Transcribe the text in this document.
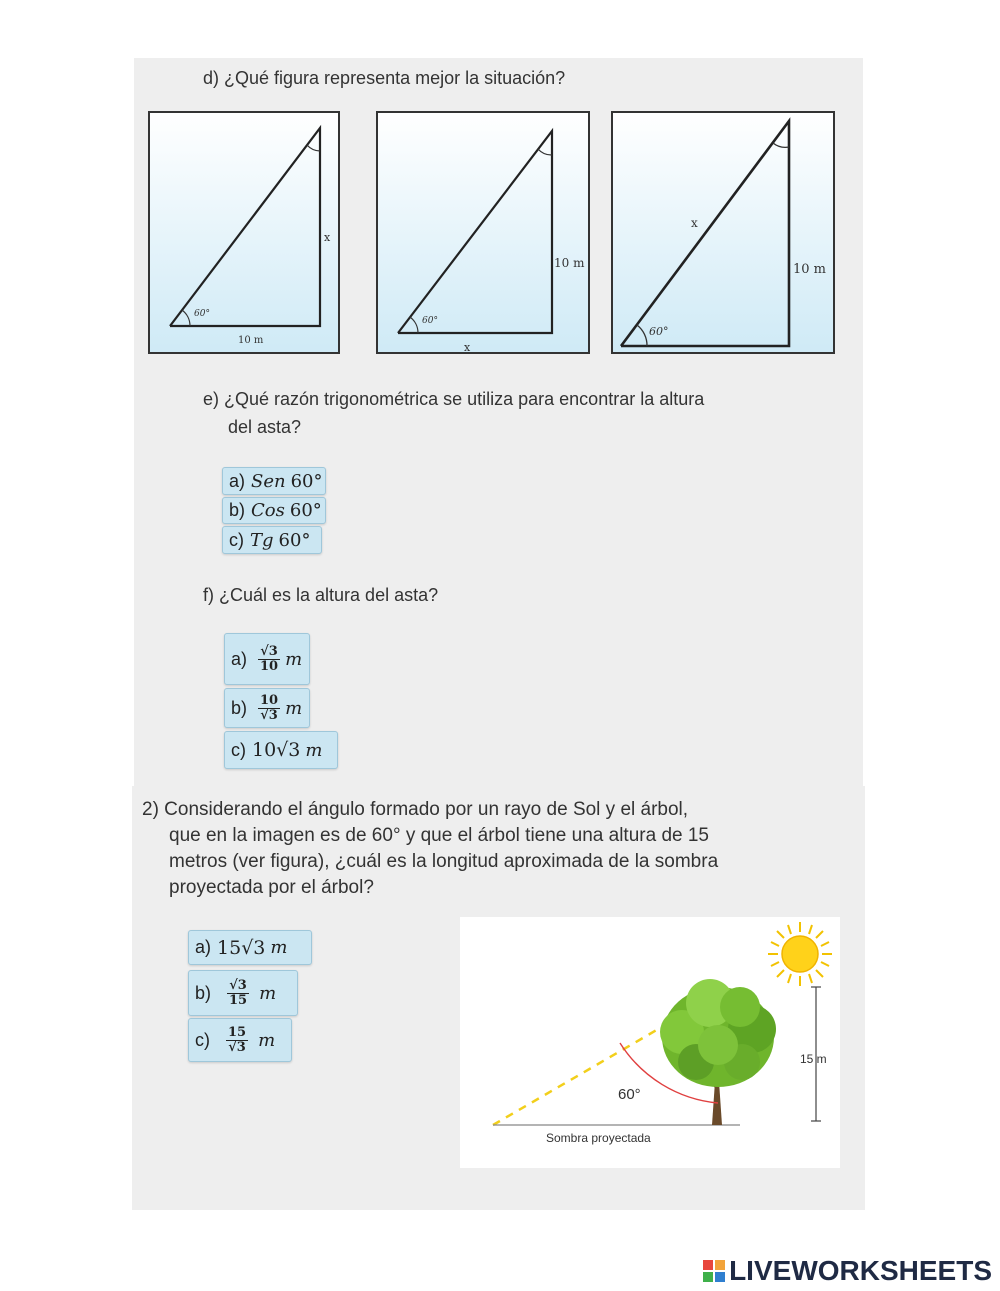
d) ¿Qué figura representa mejor la situación?
60°
x
10 m
60°
10 m
x
60°
10 m
x
e) ¿Qué razón trigonométrica se utiliza para encontrar la altura
del asta?
a) Sen
60°
b) Cos
60°
c) Tg
60°
f) ¿Cuál es la altura del asta?
$a) \frac{√3}{10}$ m
$b) \frac{10}{√3}$ m
c) 10√3
m
2) Considerando el ángulo formado por un rayo de Sol y el árbol,
que en la imagen es de 60° y que el árbol tiene una altura de 15
metros (ver figura), ¿cuál es la longitud aproximada de la sombra
proyectada por el árbol?
a) 15√3
m
$b) \frac{√3}{15}$ m
$c) \frac{15}{√3}$ m
60°
15 m
Sombra proyectada
LIVEWORKSHEETS
